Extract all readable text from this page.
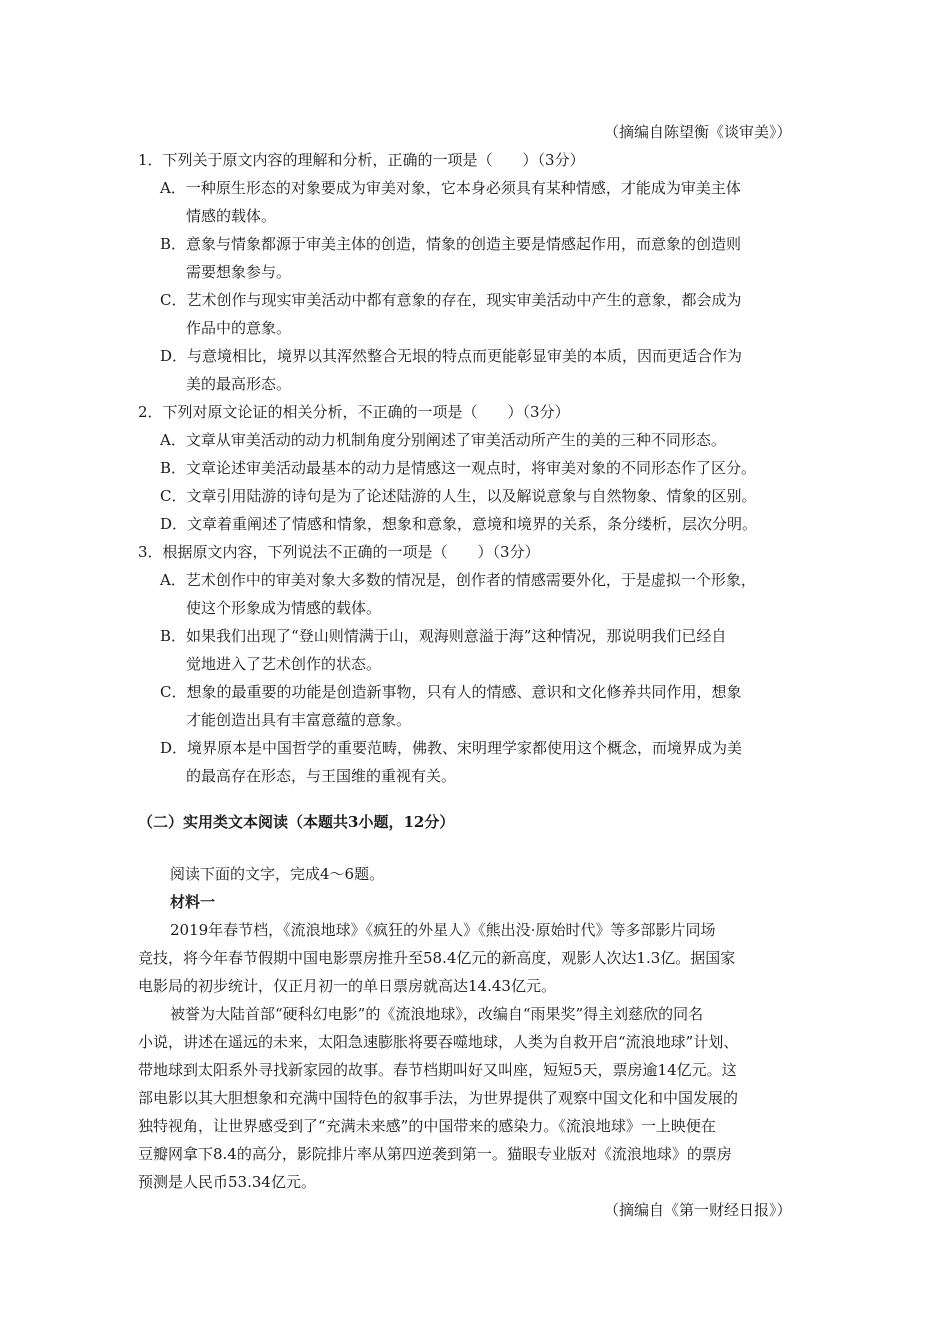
（摘编自陈望衡《谈审美》）
1．下列关于原文内容的理解和分析，正确的一项是（　　）（3分）
A．一种原生形态的对象要成为审美对象，它本身必须具有某种情感，才能成为审美主体
情感的载体。
B．意象与情象都源于审美主体的创造，情象的创造主要是情感起作用，而意象的创造则
需要想象参与。
C．艺术创作与现实审美活动中都有意象的存在，现实审美活动中产生的意象，都会成为
作品中的意象。
D．与意境相比，境界以其浑然整合无垠的特点而更能彰显审美的本质，因而更适合作为
美的最高形态。
2．下列对原文论证的相关分析，不正确的一项是（　　）（3分）
A．文章从审美活动的动力机制角度分别阐述了审美活动所产生的美的三种不同形态。
B．文章论述审美活动最基本的动力是情感这一观点时，将审美对象的不同形态作了区分。
C．文章引用陆游的诗句是为了论述陆游的人生，以及解说意象与自然物象、情象的区别。
D．文章着重阐述了情感和情象，想象和意象，意境和境界的关系，条分缕析，层次分明。
3．根据原文内容，下列说法不正确的一项是（　　）（3分）
A．艺术创作中的审美对象大多数的情况是，创作者的情感需要外化，于是虚拟一个形象，
使这个形象成为情感的载体。
B．如果我们出现了“登山则情满于山，观海则意溢于海”这种情况，那说明我们已经自
觉地进入了艺术创作的状态。
C．想象的最重要的功能是创造新事物，只有人的情感、意识和文化修养共同作用，想象
才能创造出具有丰富意蕴的意象。
D．境界原本是中国哲学的重要范畴，佛教、宋明理学家都使用这个概念，而境界成为美
的最高存在形态，与王国维的重视有关。
（二）实用类文本阅读（本题共3小题，12分）
阅读下面的文字，完成4～6题。
材料一
2019年春节档，《流浪地球》《疯狂的外星人》《熊出没·原始时代》等多部影片同场
竞技，将今年春节假期中国电影票房推升至58.4亿元的新高度，观影人次达1.3亿。据国家
电影局的初步统计，仅正月初一的单日票房就高达14.43亿元。
被誉为大陆首部“硬科幻电影”的《流浪地球》，改编自“雨果奖”得主刘慈欣的同名
小说，讲述在遥远的未来，太阳急速膨胀将要吞噬地球，人类为自救开启“流浪地球”计划、
带地球到太阳系外寻找新家园的故事。春节档期叫好又叫座，短短5天，票房逾14亿元。这
部电影以其大胆想象和充满中国特色的叙事手法，为世界提供了观察中国文化和中国发展的
独特视角，让世界感受到了“充满未来感”的中国带来的感染力。《流浪地球》一上映便在
豆瓣网拿下8.4的高分，影院排片率从第四逆袭到第一。猫眼专业版对《流浪地球》的票房
预测是人民币53.34亿元。
（摘编自《第一财经日报》）
